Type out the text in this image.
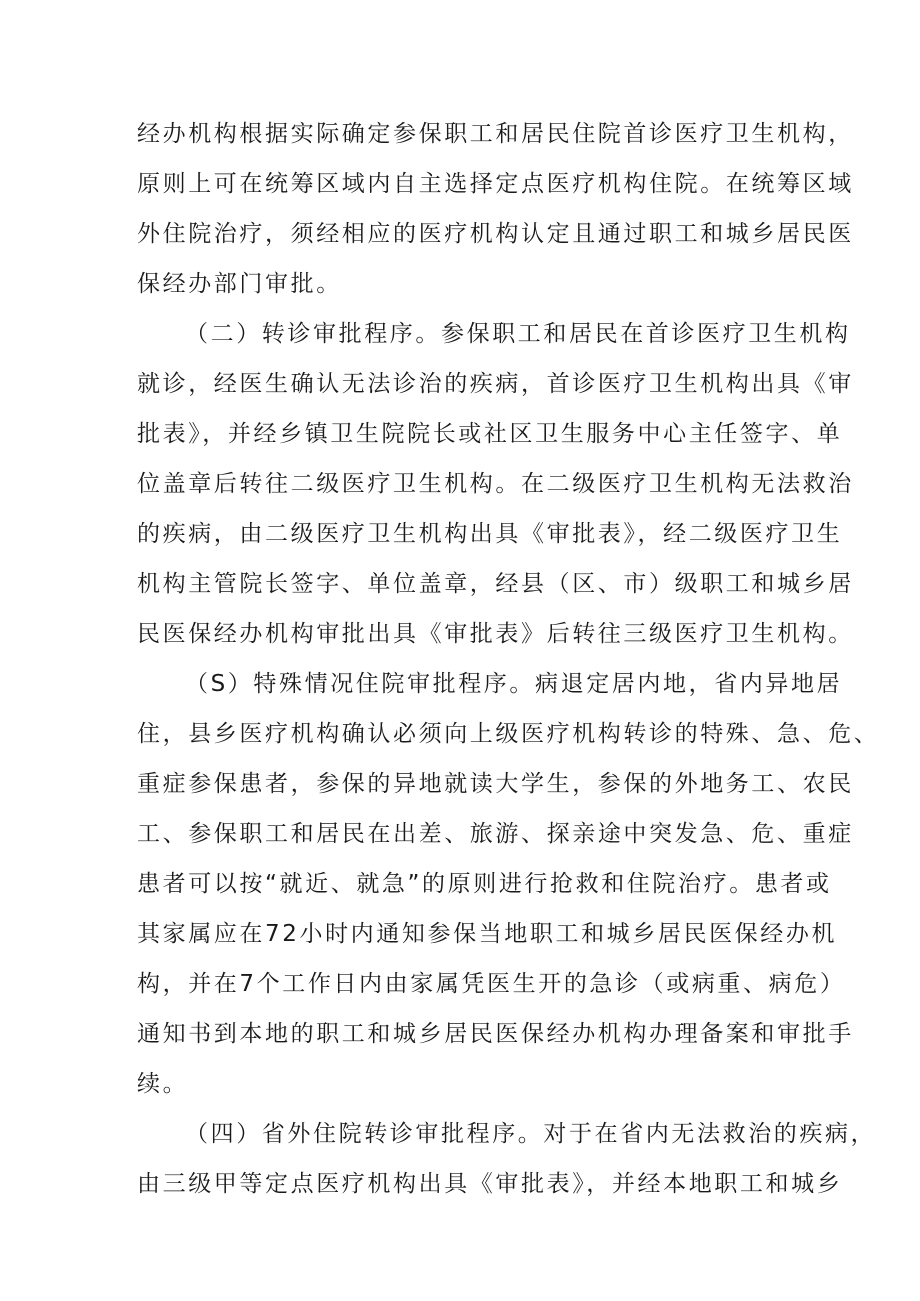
经办机构根据实际确定参保职工和居民住院首诊医疗卫生机构，
原则上可在统筹区域内自主选择定点医疗机构住院。在统筹区域
外住院治疗，须经相应的医疗机构认定且通过职工和城乡居民医
保经办部门审批。
（二）转诊审批程序。参保职工和居民在首诊医疗卫生机构
就诊，经医生确认无法诊治的疾病，首诊医疗卫生机构出具《审
批表》，并经乡镇卫生院院长或社区卫生服务中心主任签字、单
位盖章后转往二级医疗卫生机构。在二级医疗卫生机构无法救治
的疾病，由二级医疗卫生机构出具《审批表》，经二级医疗卫生
机构主管院长签字、单位盖章，经县（区、市）级职工和城乡居
民医保经办机构审批出具《审批表》后转往三级医疗卫生机构。
（S）特殊情况住院审批程序。病退定居内地，省内异地居
住，县乡医疗机构确认必须向上级医疗机构转诊的特殊、急、危、
重症参保患者，参保的异地就读大学生，参保的外地务工、农民
工、参保职工和居民在出差、旅游、探亲途中突发急、危、重症
患者可以按“就近、就急”的原则进行抢救和住院治疗。患者或
其家属应在72小时内通知参保当地职工和城乡居民医保经办机
构，并在7个工作日内由家属凭医生开的急诊（或病重、病危）
通知书到本地的职工和城乡居民医保经办机构办理备案和审批手
续。
（四）省外住院转诊审批程序。对于在省内无法救治的疾病，
由三级甲等定点医疗机构出具《审批表》，并经本地职工和城乡
